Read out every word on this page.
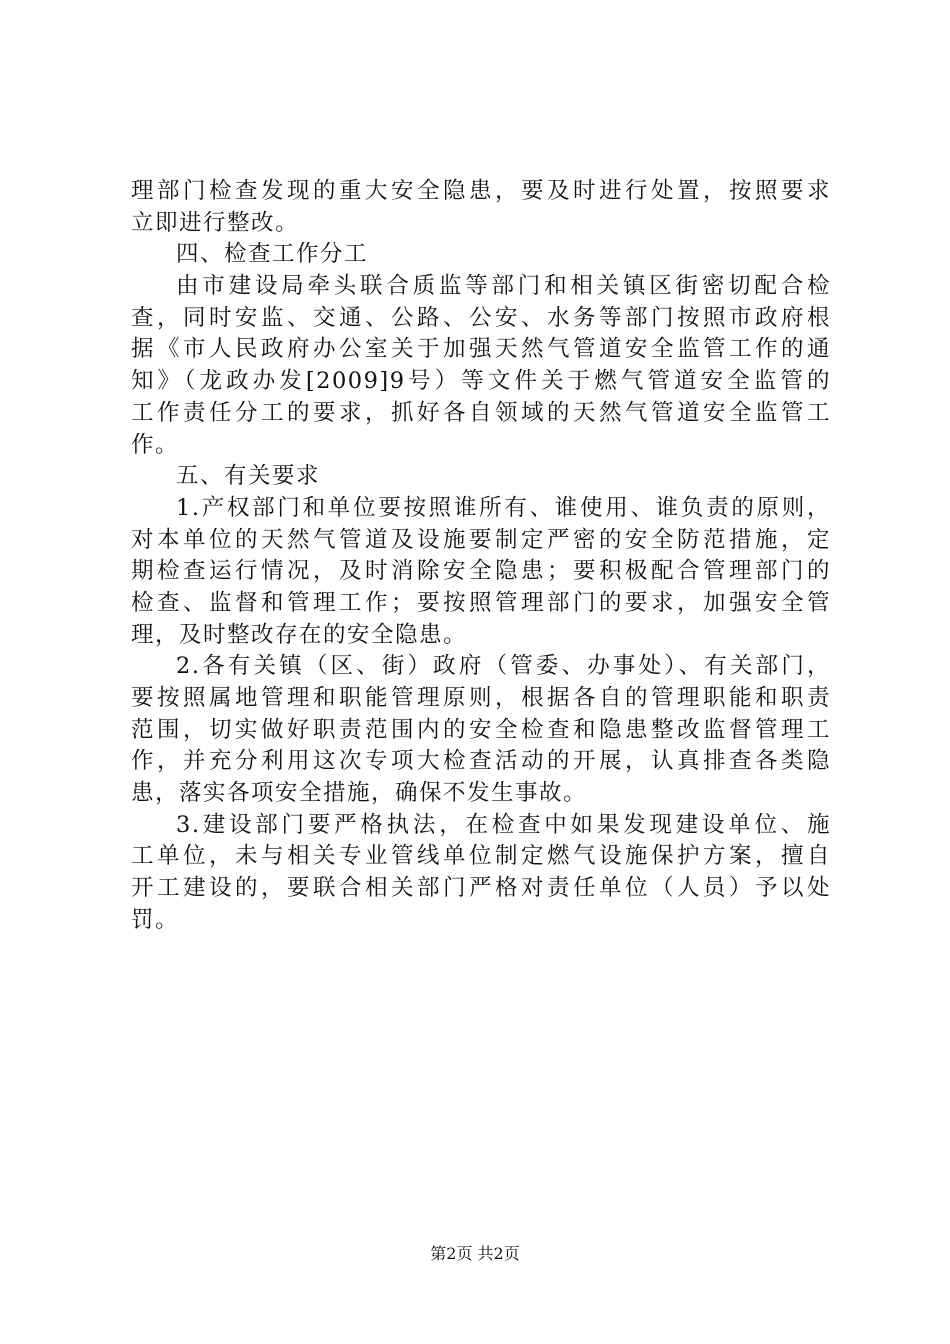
理部门检查发现的重大安全隐患，要及时进行处置，按照要求
立即进行整改。
四、检查工作分工
由市建设局牵头联合质监等部门和相关镇区街密切配合检
查，同时安监、交通、公路、公安、水务等部门按照市政府根
据《市人民政府办公室关于加强天然气管道安全监管工作的通
知》（龙政办发[2009]9号）等文件关于燃气管道安全监管的
工作责任分工的要求，抓好各自领域的天然气管道安全监管工
作。
五、有关要求
1.产权部门和单位要按照谁所有、谁使用、谁负责的原则，
对本单位的天然气管道及设施要制定严密的安全防范措施，定
期检查运行情况，及时消除安全隐患；要积极配合管理部门的
检查、监督和管理工作；要按照管理部门的要求，加强安全管
理，及时整改存在的安全隐患。
2.各有关镇（区、街）政府（管委、办事处）、有关部门，
要按照属地管理和职能管理原则，根据各自的管理职能和职责
范围，切实做好职责范围内的安全检查和隐患整改监督管理工
作，并充分利用这次专项大检查活动的开展，认真排查各类隐
患，落实各项安全措施，确保不发生事故。
3.建设部门要严格执法，在检查中如果发现建设单位、施
工单位，未与相关专业管线单位制定燃气设施保护方案，擅自
开工建设的，要联合相关部门严格对责任单位（人员）予以处
罚。
第2页 共2页
